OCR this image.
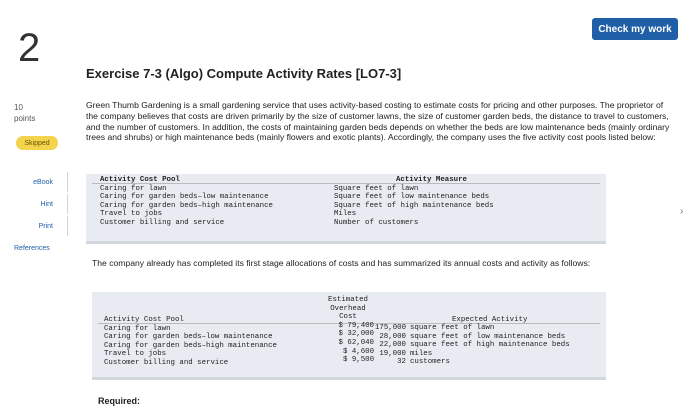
Check my work
2
Exercise 7-3 (Algo) Compute Activity Rates [LO7-3]
10
points
Skipped
eBook
Hint
Print
References
Green Thumb Gardening is a small gardening service that uses activity-based costing to estimate costs for pricing and other purposes. The proprietor of the company believes that costs are driven primarily by the size of customer lawns, the size of customer garden beds, the distance to travel to customers, and the number of customers. In addition, the costs of maintaining garden beds depends on whether the beds are low maintenance beds (mainly ordinary trees and shrubs) or high maintenance beds (mainly flowers and exotic plants). Accordingly, the company uses the five activity cost pools listed below:
Activity Cost Pool
Caring for lawn
Caring for garden beds–low maintenance
Caring for garden beds–high maintenance
Travel to jobs
Customer billing and service
Activity Measure
Square feet of lawn
Square feet of low maintenance beds
Square feet of high maintenance beds
Miles
Number of customers
›
The company already has completed its first stage allocations of costs and has summarized its annual costs and activity as follows:
Estimated
Overhead
Cost
$ 79,400
$ 32,000
$ 62,040
$ 4,600
$ 9,500
Expected Activity
Activity Cost Pool
Caring for lawn
Caring for garden beds–low maintenance
Caring for garden beds–high maintenance
Travel to jobs
Customer billing and service
175,000
28,000
22,000
19,000
32
square feet of lawn
square feet of low maintenance beds
square feet of high maintenance beds
miles
customers
Required:
